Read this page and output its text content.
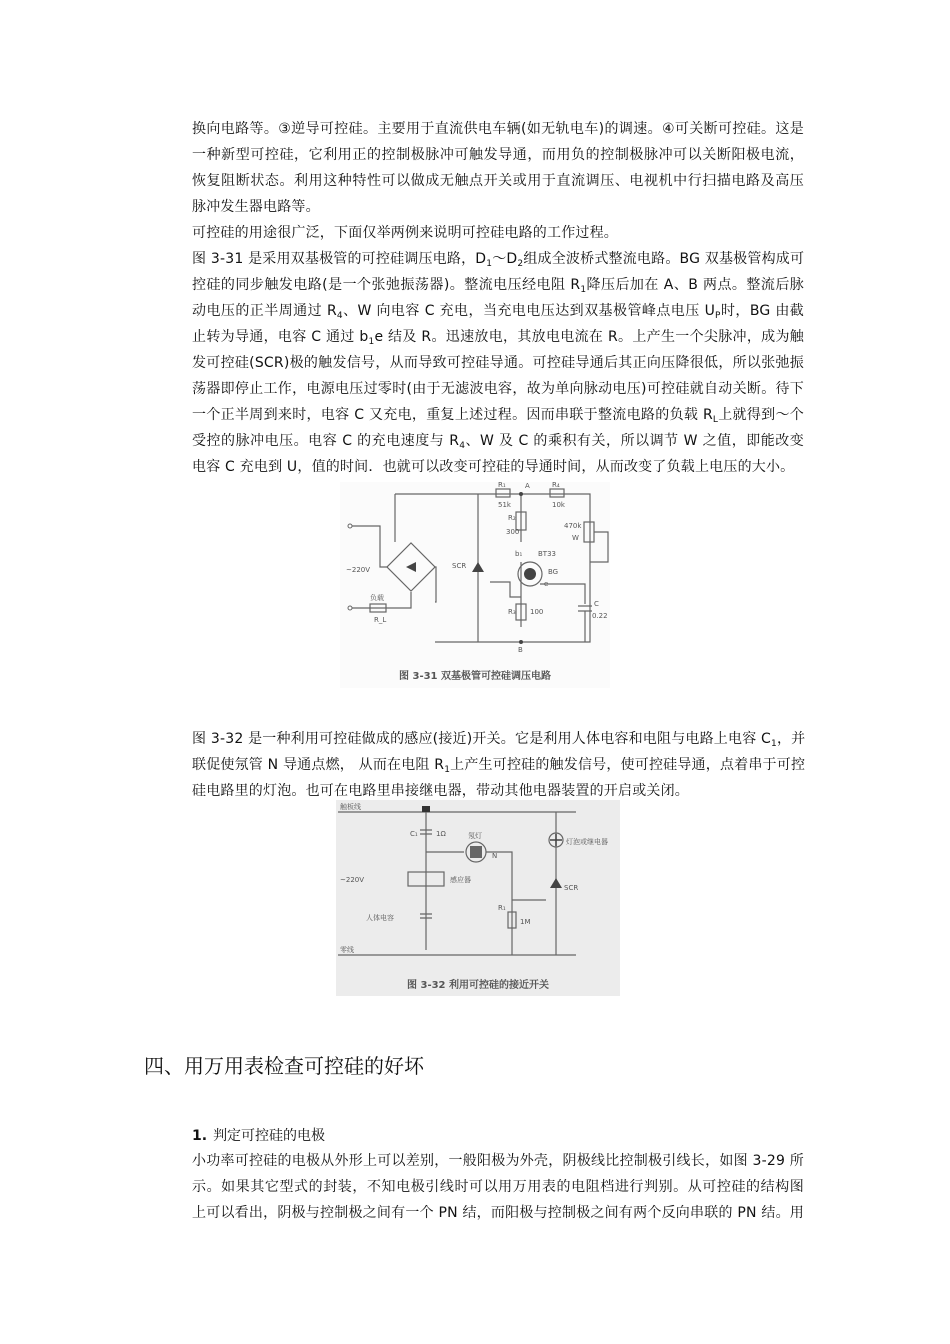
换向电路等。③逆导可控硅。主要用于直流供电车辆(如无轨电车)的调速。④可关断可控硅。这是
一种新型可控硅，它利用正的控制极脉冲可触发导通，而用负的控制极脉冲可以关断阳极电流，
恢复阻断状态。利用这种特性可以做成无触点开关或用于直流调压、电视机中行扫描电路及高压
脉冲发生器电路等。
可控硅的用途很广泛，下面仅举两例来说明可控硅电路的工作过程。
图 3-31 是采用双基极管的可控硅调压电路，$D_1\sim D_2$组成全波桥式整流电路。BG 双基极管构成可
控硅的同步触发电路(是一个张弛振荡器)。整流电压经电阻 $R_1$降压后加在 A、B 两点。整流后脉
动电压的正半周通过 $R_4$、W 向电容 C 充电，当充电电压达到双基极管峰点电压 $U_P$时，BG 由截
止转为导通，电容 C 通过 $b_1e$ 结及 R。迅速放电，其放电电流在 R。上产生一个尖脉冲，成为触
发可控硅(SCR)极的触发信号，从而导致可控硅导通。可控硅导通后其正向压降很低，所以张弛振
荡器即停止工作，电源电压过零时(由于无滤波电容，故为单向脉动电压)可控硅就自动关断。待下
一个正半周到来时，电容 C 又充电，重复上述过程。因而串联于整流电路的负载 $R_L$上就得到～个
受控的脉冲电压。电容 C 的充电速度与 $R_4$、W 及 C 的乘积有关，所以调节 W 之值，即能改变
电容 C 充电到 U，值的时间．也就可以改变可控硅的导通时间，从而改变了负载上电压的大小。
R₁
51k
A	R₄
10k
R₂
300
W
470k
BT33
BG
b₁
e
SCR
R₃ 100
C
0.22
B
~220V
负载
R_L
图 3-31 双基极管可控硅调压电路
图 3-32 是一种利用可控硅做成的感应(接近)开关。它是利用人体电容和电阻与电路上电容 $C_1$，并
联促使氖管 N 导通点燃， 从而在电阻 $R_1$上产生可控硅的触发信号，使可控硅导通，点着串于可控
硅电路里的灯泡。也可在电路里串接继电器，带动其他电器装置的开启或关闭。
触板线
C₁	1Ω	氖灯
N
灯泡或继电器
~220V	感应器
SCR
人体电容
R₁
1M
零线
图 3-32 利用可控硅的接近开关
四、用万用表检查可控硅的好坏
1. 判定可控硅的电极
小功率可控硅的电极从外形上可以差别，一般阳极为外壳，阴极线比控制极引线长，如图 3-29 所
示。如果其它型式的封装，不知电极引线时可以用万用表的电阻档进行判别。从可控硅的结构图
上可以看出，阴极与控制极之间有一个 PN 结，而阳极与控制极之间有两个反向串联的 PN 结。用
